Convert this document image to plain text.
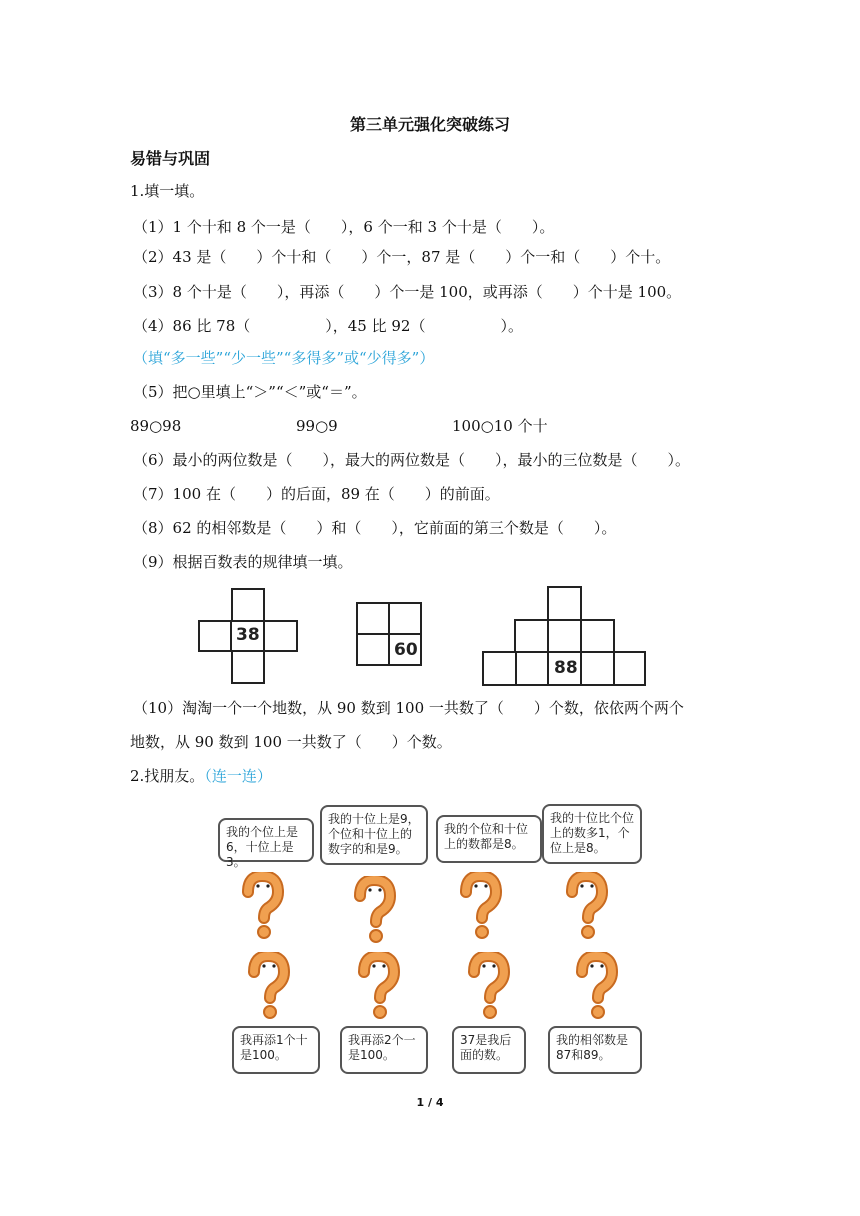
第三单元强化突破练习
易错与巩固
1.填一填。
（1）1 个十和 8 个一是（　　），6 个一和 3 个十是（　　）。
（2）43 是（　　）个十和（　　）个一，87 是（　　）个一和（　　）个十。
（3）8 个十是（　　），再添（　　）个一是 100，或再添（　　）个十是 100。
（4）86 比 78（　　　　　），45 比 92（　　　　　）。
（填“多一些”“少一些”“多得多”或“少得多”）
（5）把○里填上“＞”“＜”或“＝”。
89○98	99○9	100○10 个十
（6）最小的两位数是（　　），最大的两位数是（　　），最小的三位数是（　　）。
（7）100 在（　　）的后面，89 在（　　）的前面。
（8）62 的相邻数是（　　）和（　　），它前面的第三个数是（　　）。
（9）根据百数表的规律填一填。
38
60
88
（10）淘淘一个一个地数，从 90 数到 100 一共数了（　　）个数，依依两个两个
地数，从 90 数到 100 一共数了（　　）个数。
2.找朋友。（连一连）
我的个位上是6，十位上是3。
我的十位上是9，个位和十位上的数字的和是9。
我的个位和十位上的数都是8。
我的十位比个位上的数多1，个位上是8。
我再添1个十是100。
我再添2个一是100。
37是我后面的数。
我的相邻数是87和89。
1 / 4
